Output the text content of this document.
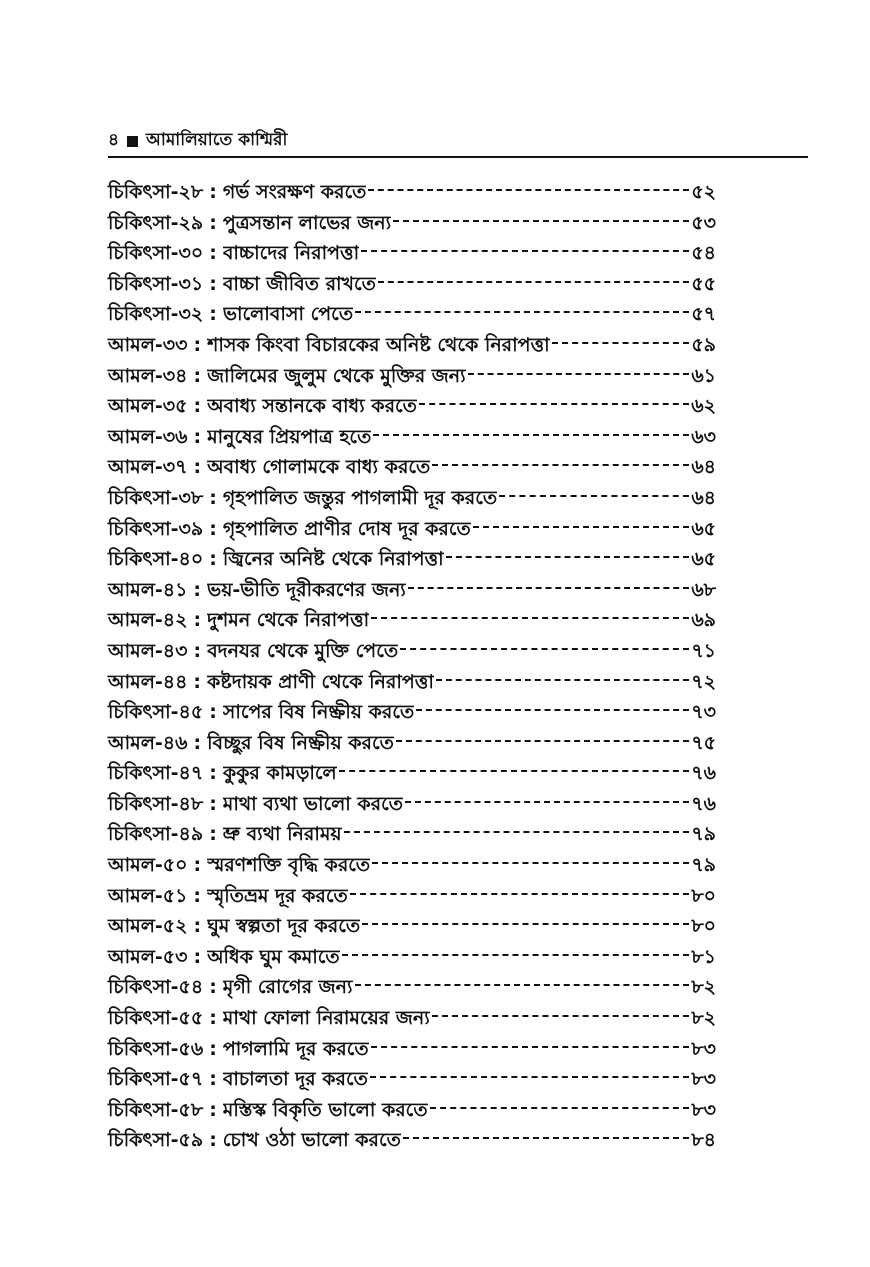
৪ আমালিয়াতে কাশ্মিরী
চিকিৎসা-২৮ : গর্ভ সংরক্ষণ করতে	৫২
চিকিৎসা-২৯ : পুত্রসন্তান লাভের জন্য	৫৩
চিকিৎসা-৩০ : বাচ্চাদের নিরাপত্তা	৫৪
চিকিৎসা-৩১ : বাচ্চা জীবিত রাখতে	৫৫
চিকিৎসা-৩২ : ভালোবাসা পেতে	৫৭
আমল-৩৩ : শাসক কিংবা বিচারকের অনিষ্ট থেকে নিরাপত্তা	৫৯
আমল-৩৪ : জালিমের জুলুম থেকে মুক্তির জন্য	৬১
আমল-৩৫ : অবাধ্য সন্তানকে বাধ্য করতে	৬২
আমল-৩৬ : মানুষের প্রিয়পাত্র হতে	৬৩
আমল-৩৭ : অবাধ্য গোলামকে বাধ্য করতে	৬৪
চিকিৎসা-৩৮ : গৃহপালিত জন্তুর পাগলামী দূর করতে	৬৪
চিকিৎসা-৩৯ : গৃহপালিত প্রাণীর দোষ দূর করতে	৬৫
চিকিৎসা-৪০ : জ্বিনের অনিষ্ট থেকে নিরাপত্তা	৬৫
আমল-৪১ : ভয়-ভীতি দূরীকরণের জন্য	৬৮
আমল-৪২ : দুশমন থেকে নিরাপত্তা	৬৯
আমল-৪৩ : বদনযর থেকে মুক্তি পেতে	৭১
আমল-৪৪ : কষ্টদায়ক প্রাণী থেকে নিরাপত্তা	৭২
চিকিৎসা-৪৫ : সাপের বিষ নিষ্ক্রীয় করতে	৭৩
আমল-৪৬ : বিচ্ছুর বিষ নিষ্ক্রীয় করতে	৭৫
চিকিৎসা-৪৭ : কুকুর কামড়ালে	৭৬
চিকিৎসা-৪৮ : মাথা ব্যথা ভালো করতে	৭৬
চিকিৎসা-৪৯ : ভ্রু ব্যথা নিরাময়	৭৯
আমল-৫০ : স্মরণশক্তি বৃদ্ধি করতে	৭৯
আমল-৫১ : স্মৃতিভ্রম দূর করতে	৮০
আমল-৫২ : ঘুম স্বল্পতা দূর করতে	৮০
আমল-৫৩ : অধিক ঘুম কমাতে	৮১
চিকিৎসা-৫৪ : মৃগী রোগের জন্য	৮২
চিকিৎসা-৫৫ : মাথা ফোলা নিরাময়ের জন্য	৮২
চিকিৎসা-৫৬ : পাগলামি দূর করতে	৮৩
চিকিৎসা-৫৭ : বাচালতা দূর করতে	৮৩
চিকিৎসা-৫৮ : মস্তিস্ক বিকৃতি ভালো করতে	৮৩
চিকিৎসা-৫৯ : চোখ ওঠা ভালো করতে	৮৪
